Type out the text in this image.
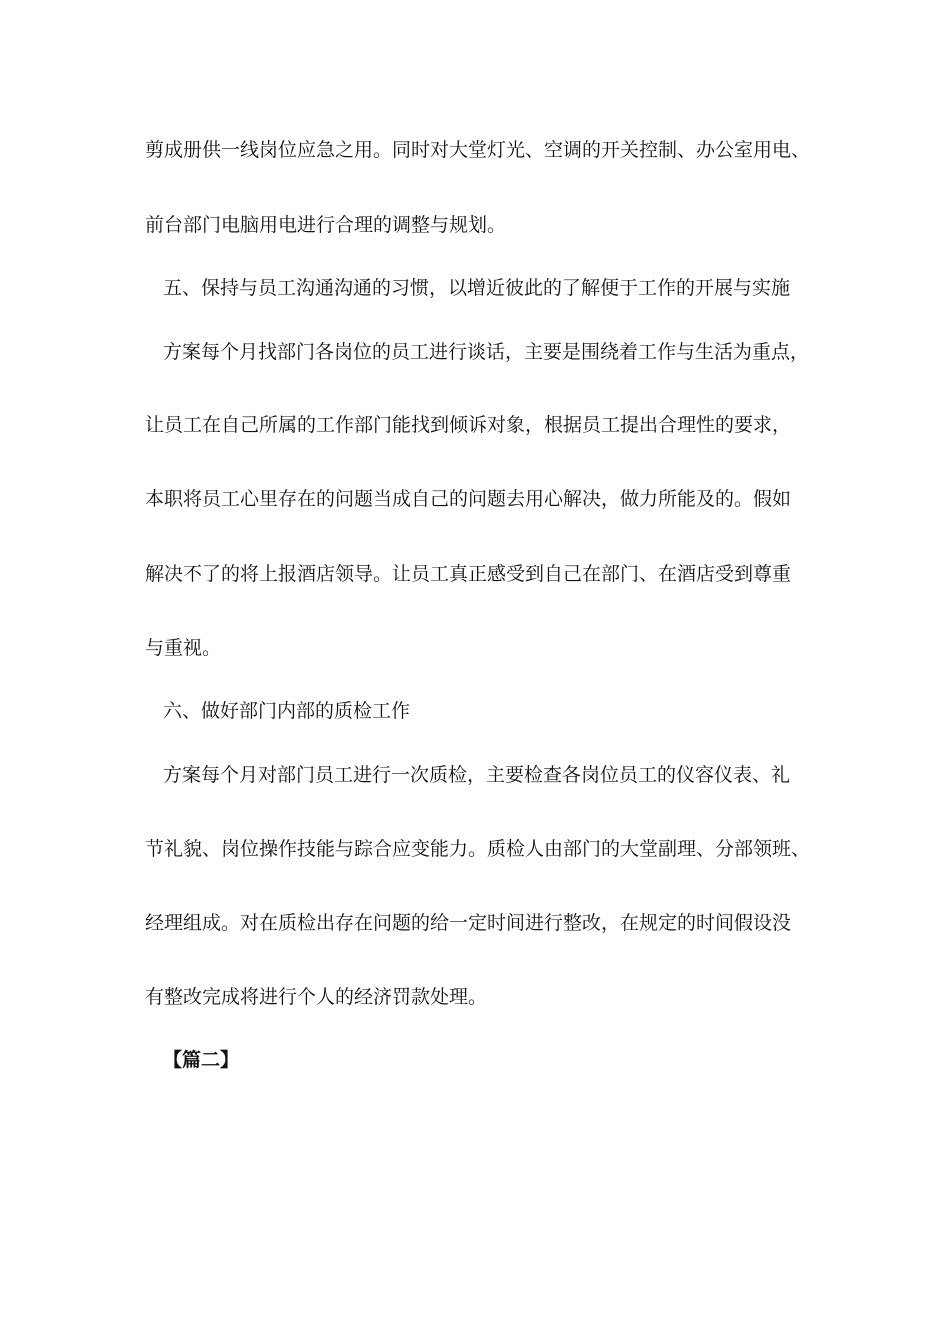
剪成册供一线岗位应急之用。同时对大堂灯光、空调的开关控制、办公室用电、
前台部门电脑用电进行合理的调整与规划。
五、保持与员工沟通沟通的习惯，以增近彼此的了解便于工作的开展与实施
方案每个月找部门各岗位的员工进行谈话，主要是围绕着工作与生活为重点，
让员工在自己所属的工作部门能找到倾诉对象，根据员工提出合理性的要求，
本职将员工心里存在的问题当成自己的问题去用心解决，做力所能及的。假如
解决不了的将上报酒店领导。让员工真正感受到自己在部门、在酒店受到尊重
与重视。
六、做好部门内部的质检工作
方案每个月对部门员工进行一次质检，主要检查各岗位员工的仪容仪表、礼
节礼貌、岗位操作技能与踪合应变能力。质检人由部门的大堂副理、分部领班、
经理组成。对在质检出存在问题的给一定时间进行整改，在规定的时间假设没
有整改完成将进行个人的经济罚款处理。
【篇二】
